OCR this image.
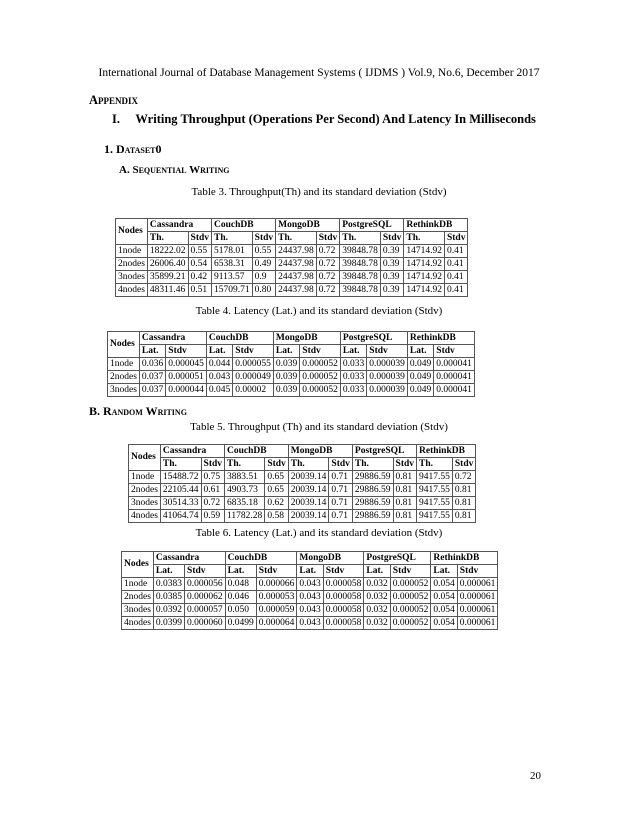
International Journal of Database Management Systems ( IJDMS ) Vol.9, No.6, December 2017
Appendix
I. Writing Throughput (Operations Per Second) And Latency In Milliseconds
1. Dataset0
A. Sequential Writing
Table 3. Throughput(Th) and its standard deviation (Stdv)
Nodes	Cassandra		CouchDB		MongoDB		PostgreSQL		RethinkDB	
	Th.	Stdv	Th.	Stdv	Th.	Stdv	Th.	Stdv	Th.	Stdv
1node	18222.02	0.55	5178.01	0.55	24437.98	0.72	39848.78	0.39	14714.92	0.41
2nodes	26006.40	0.54	6538.31	0.49	24437.98	0.72	39848.78	0.39	14714.92	0.41
3nodes	35899.21	0.42	9113.57	0.9	24437.98	0.72	39848.78	0.39	14714.92	0.41
4nodes	48311.46	0.51	15709.71	0.80	24437.98	0.72	39848.78	0.39	14714.92	0.41
Table 4. Latency (Lat.) and its standard deviation (Stdv)
Nodes	Cassandra		CouchDB		MongoDB		PostgreSQL		RethinkDB	
	Lat.	Stdv	Lat.	Stdv	Lat.	Stdv	Lat.	Stdv	Lat.	Stdv
1node	0.036	0.000045	0.044	0.000055	0.039	0.000052	0.033	0.000039	0.049	0.000041
2nodes	0.037	0.000051	0.043	0.000049	0.039	0.000052	0.033	0.000039	0.049	0.000041
3nodes	0.037	0.000044	0.045	0.00002	0.039	0.000052	0.033	0.000039	0.049	0.000041
B. Random Writing
Table 5. Throughput (Th) and its standard deviation (Stdv)
Nodes	Cassandra		CouchDB		MongoDB		PostgreSQL		RethinkDB	
	Th.	Stdv	Th.	Stdv	Th.	Stdv	Th.	Stdv	Th.	Stdv
1node	15488.72	0.75	3883.51	0.65	20039.14	0.71	29886.59	0.81	9417.55	0.72
2nodes	22105.44	0.61	4903.73	0.65	20039.14	0.71	29886.59	0.81	9417.55	0.81
3nodes	30514.33	0.72	6835.18	0.62	20039.14	0.71	29886.59	0.81	9417.55	0.81
4nodes	41064.74	0.59	11782.28	0.58	20039.14	0.71	29886.59	0.81	9417.55	0.81
Table 6. Latency (Lat.) and its standard deviation (Stdv)
Nodes	Cassandra		CouchDB		MongoDB		PostgreSQL		RethinkDB	
	Lat.	Stdv	Lat.	Stdv	Lat.	Stdv	Lat.	Stdv	Lat.	Stdv
1node	0.0383	0.000056	0.048	0.000066	0.043	0.000058	0.032	0.000052	0.054	0.000061
2nodes	0.0385	0.000062	0.046	0.000053	0.043	0.000058	0.032	0.000052	0.054	0.000061
3nodes	0.0392	0.000057	0.050	0.000059	0.043	0.000058	0.032	0.000052	0.054	0.000061
4nodes	0.0399	0.000060	0.0499	0.000064	0.043	0.000058	0.032	0.000052	0.054	0.000061
20
